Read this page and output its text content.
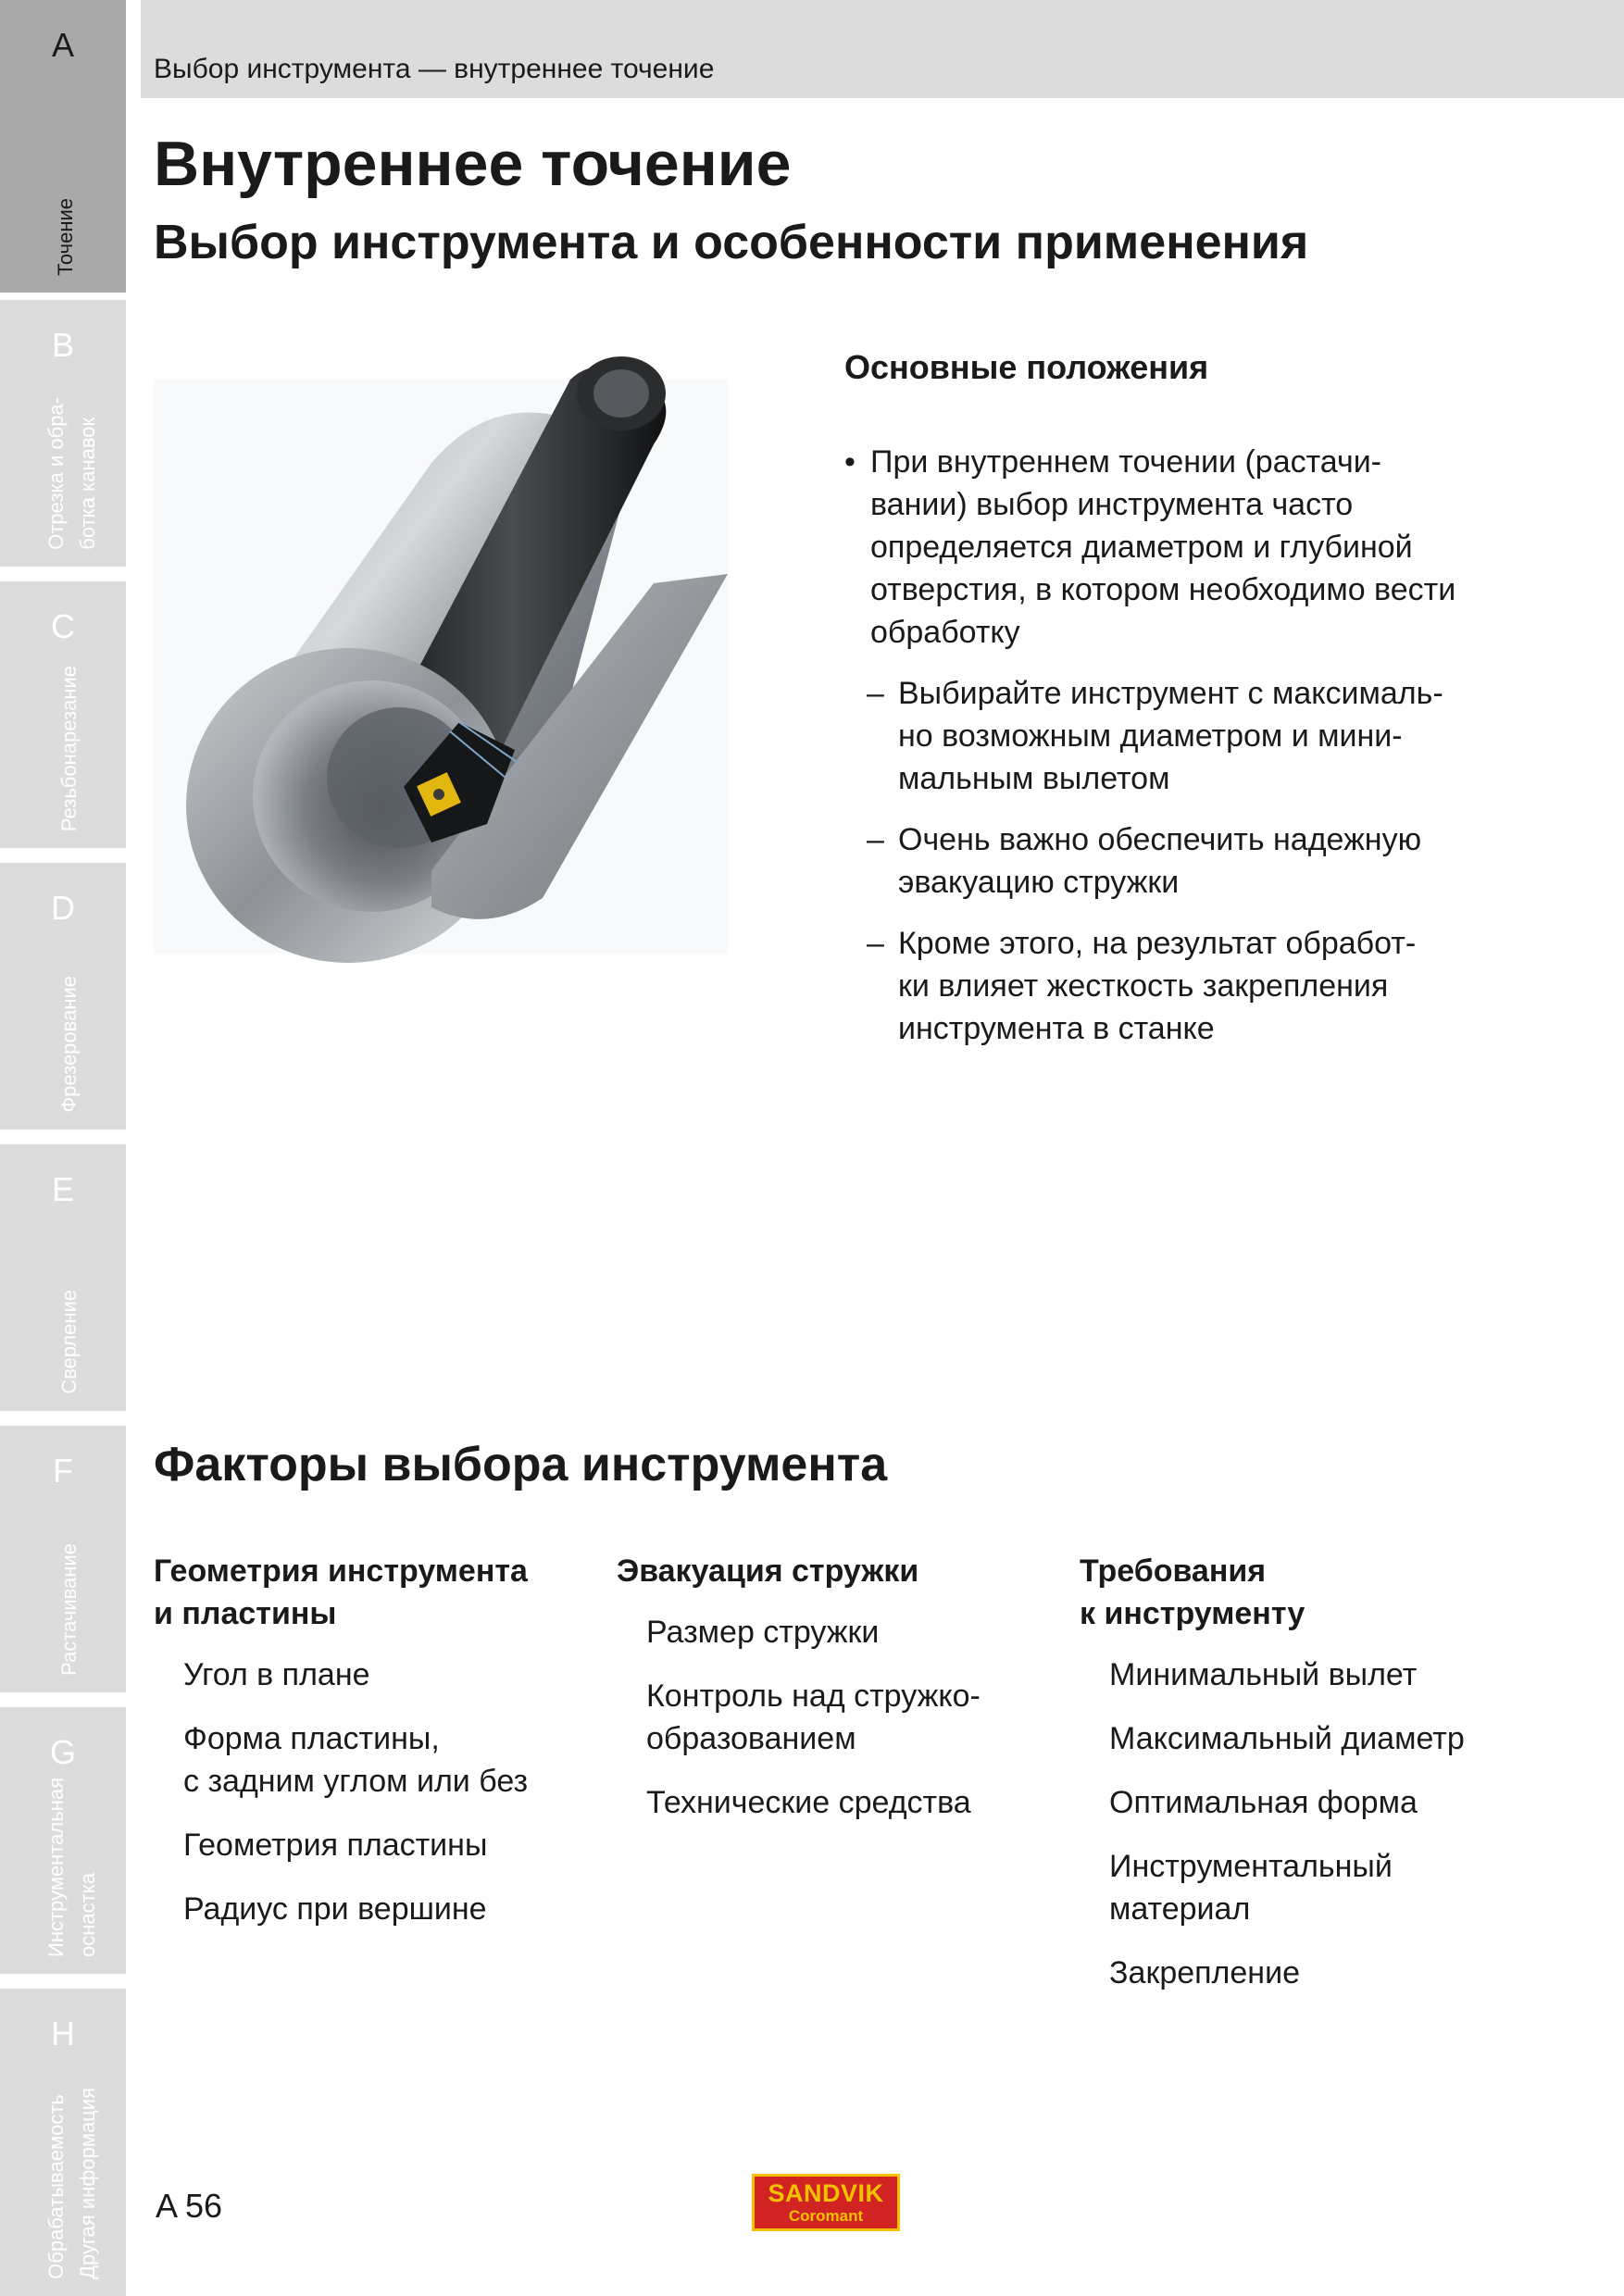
A
Точение
B
Отрезка и обра-
ботка канавок
C
Резьбонарезание
D
Фрезерование
E
Сверление
F
Растачивание
G
Инструментальная
оснастка
H
Обрабатываемость
Другая информация
Выбор инструмента — внутреннее точение
Внутреннее точение
Выбор инструмента и особенности применения
Основные положения
• При внутреннем точении (растачи-
вании) выбор инструмента часто определяется диаметром и глубиной отверстия, в котором необходимо вести обработку
– Выбирайте инструмент с максималь-
но возможным диаметром и мини-
мальным вылетом
– Очень важно обеспечить надежную эвакуацию стружки
– Кроме этого, на результат обработ-
ки влияет жесткость закрепления инструмента в станке
Факторы выбора инструмента
Геометрия инструмента
и пластины
Угол в плане
Форма пластины,
с задним углом или без
Геометрия пластины
Радиус при вершине
Эвакуация стружки
Размер стружки
Контроль над стружко-
образованием
Технические средства
Требования
к инструменту
Минимальный вылет
Максимальный диаметр
Оптимальная форма
Инструментальный
материал
Закрепление
A 56	SANDVIK
Coromant
